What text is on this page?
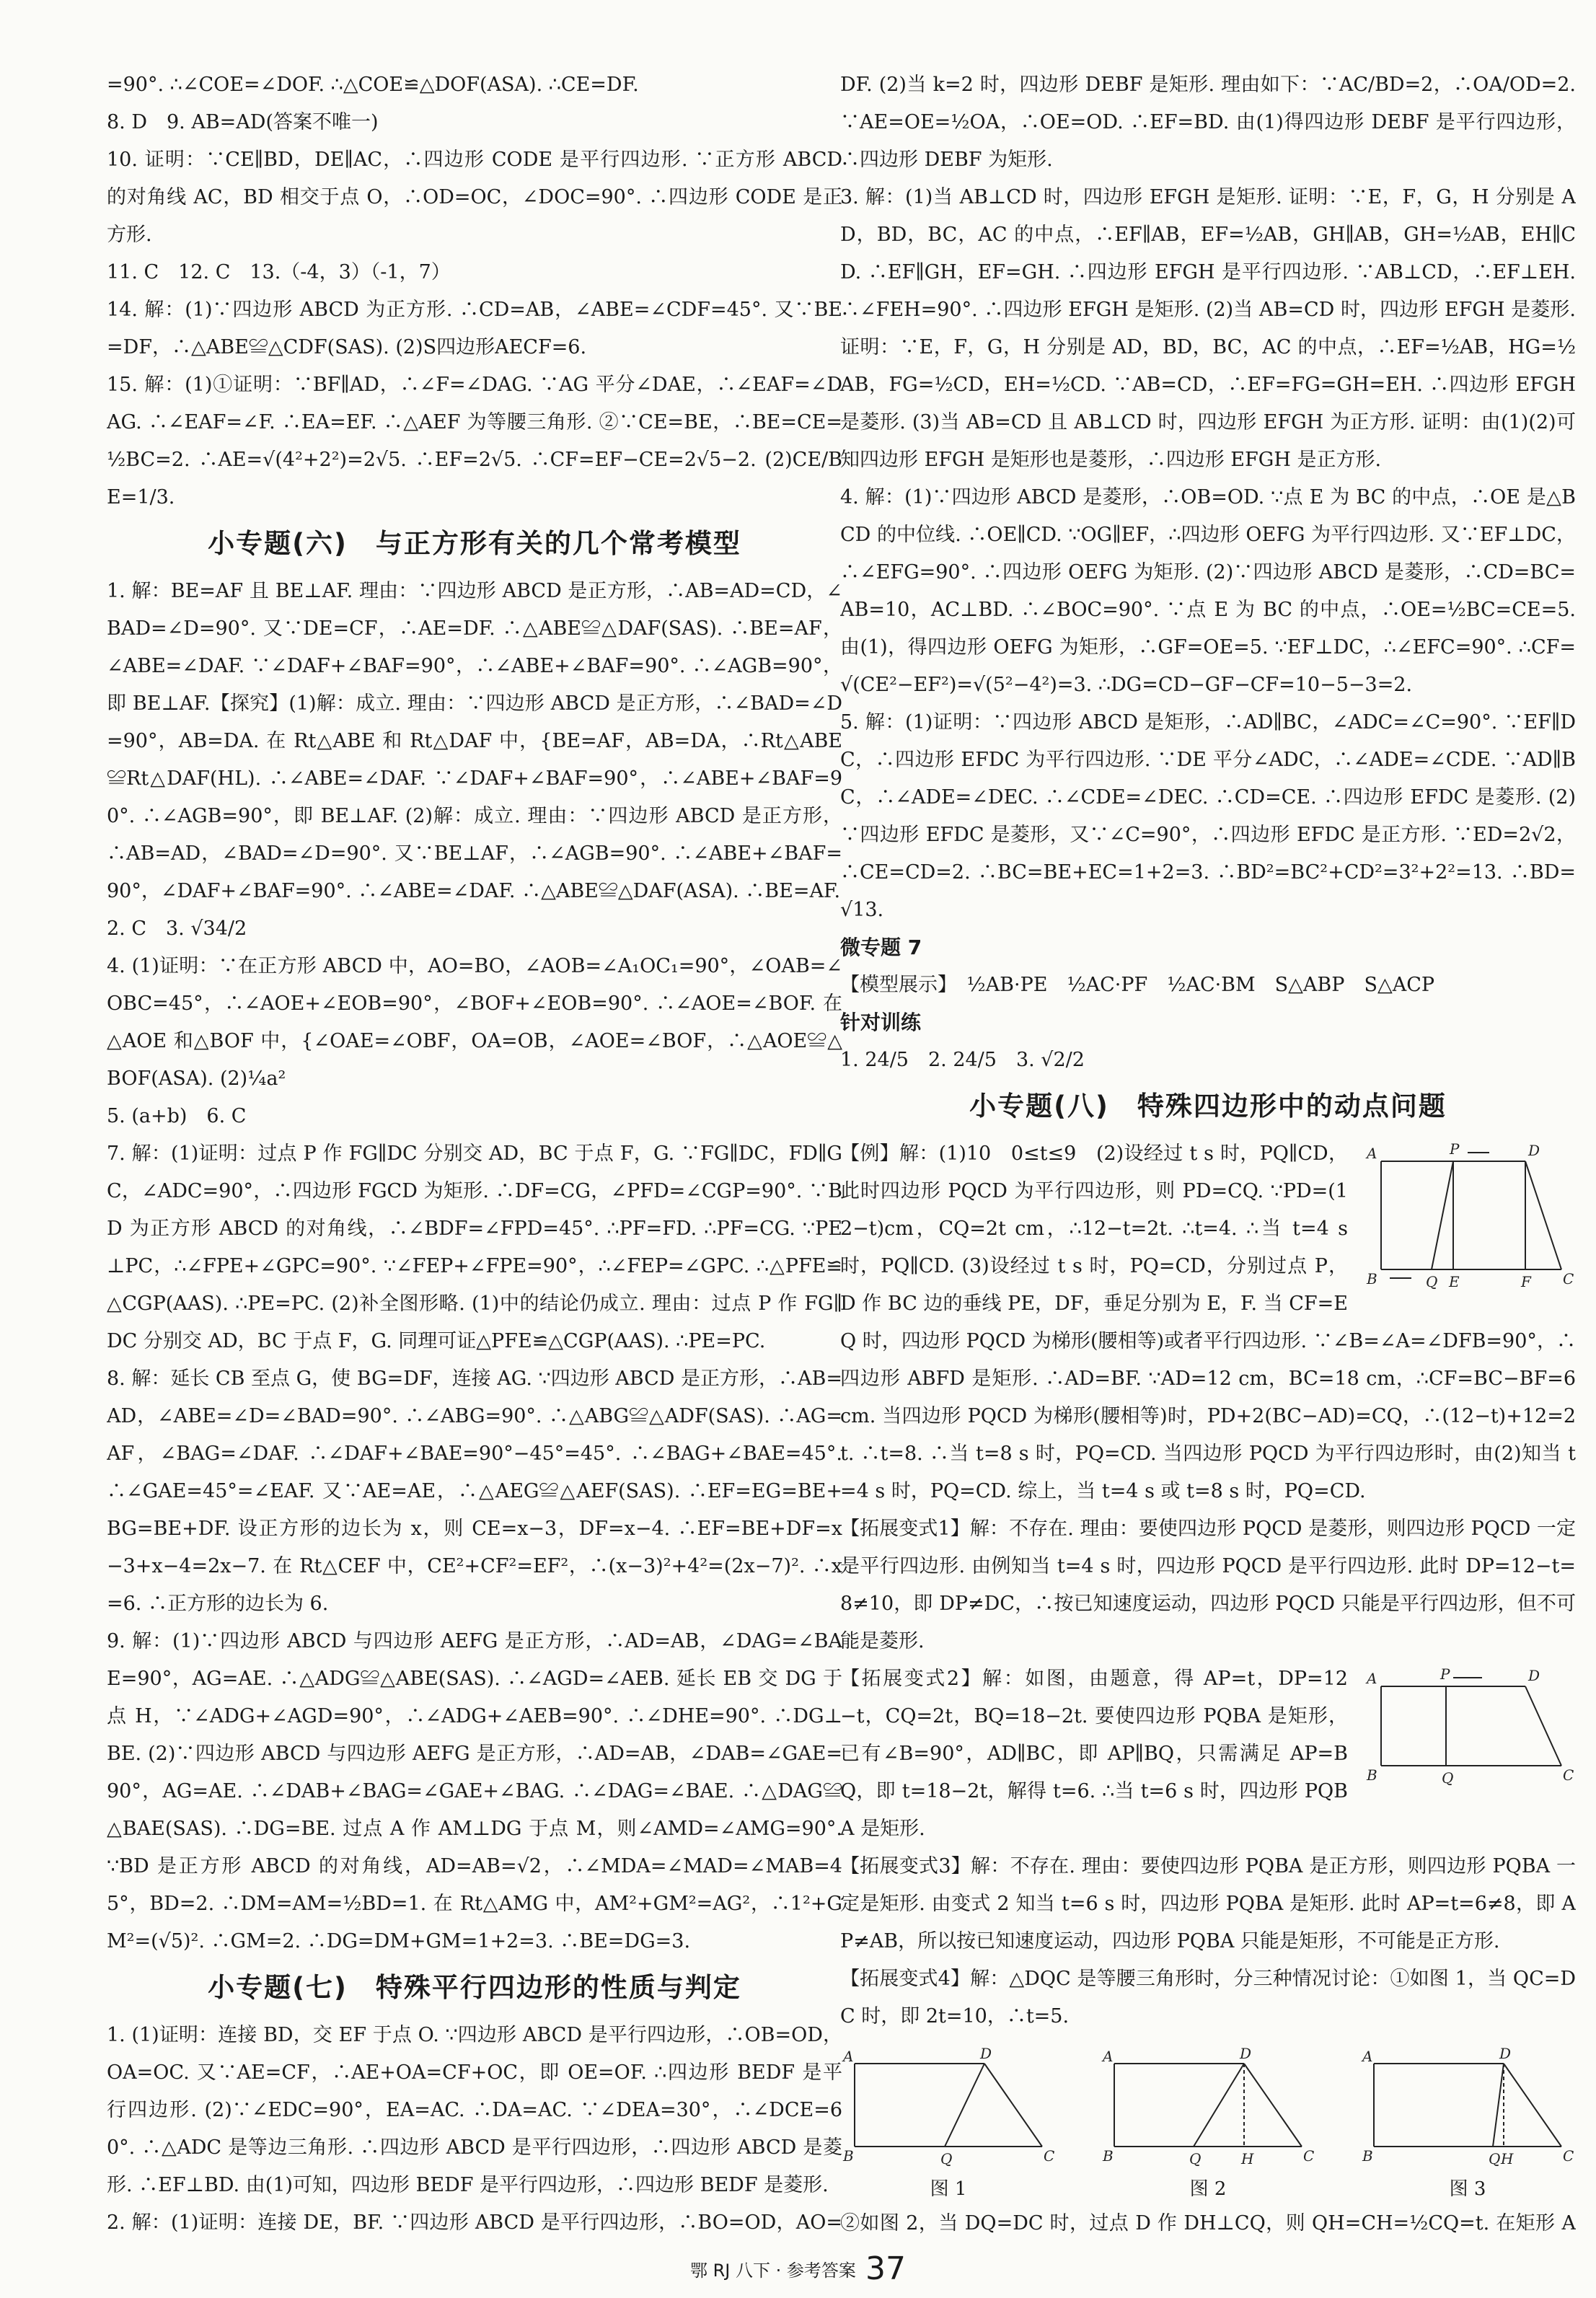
=90°. ∴∠COE=∠DOF. ∴△COE≌△DOF(ASA). ∴CE=DF.
8. D　9. AB=AD(答案不唯一)
10. 证明：∵CE∥BD，DE∥AC，∴四边形 CODE 是平行四边形. ∵正方形 ABCD 的对角线 AC，BD 相交于点 O，∴OD=OC，∠DOC=90°. ∴四边形 CODE 是正方形.
11. C　12. C　13.（-4，3）（-1，7）
14. 解：(1)∵四边形 ABCD 为正方形. ∴CD=AB，∠ABE=∠CDF=45°. 又∵BE=DF，∴△ABE≌△CDF(SAS). (2)S四边形AECF=6.
15. 解：(1)①证明：∵BF∥AD，∴∠F=∠DAG. ∵AG 平分∠DAE，∴∠EAF=∠DAG. ∴∠EAF=∠F. ∴EA=EF. ∴△AEF 为等腰三角形. ②∵CE=BE，∴BE=CE=½BC=2. ∴AE=√(4²+2²)=2√5. ∴EF=2√5. ∴CF=EF−CE=2√5−2. (2)CE/BE=1/3.
小专题(六)　与正方形有关的几个常考模型
1. 解：BE=AF 且 BE⊥AF. 理由：∵四边形 ABCD 是正方形，∴AB=AD=CD，∠BAD=∠D=90°. 又∵DE=CF，∴AE=DF. ∴△ABE≌△DAF(SAS). ∴BE=AF，∠ABE=∠DAF. ∵∠DAF+∠BAF=90°，∴∠ABE+∠BAF=90°. ∴∠AGB=90°，即 BE⊥AF.【探究】(1)解：成立. 理由：∵四边形 ABCD 是正方形，∴∠BAD=∠D=90°，AB=DA. 在 Rt△ABE 和 Rt△DAF 中，{BE=AF，AB=DA，∴Rt△ABE≌Rt△DAF(HL). ∴∠ABE=∠DAF. ∵∠DAF+∠BAF=90°，∴∠ABE+∠BAF=90°. ∴∠AGB=90°，即 BE⊥AF. (2)解：成立. 理由：∵四边形 ABCD 是正方形，∴AB=AD，∠BAD=∠D=90°. 又∵BE⊥AF，∴∠AGB=90°. ∴∠ABE+∠BAF=90°，∠DAF+∠BAF=90°. ∴∠ABE=∠DAF. ∴△ABE≌△DAF(ASA). ∴BE=AF.
2. C　3. √34/2
4. (1)证明：∵在正方形 ABCD 中，AO=BO，∠AOB=∠A₁OC₁=90°，∠OAB=∠OBC=45°，∴∠AOE+∠EOB=90°，∠BOF+∠EOB=90°. ∴∠AOE=∠BOF. 在△AOE 和△BOF 中，{∠OAE=∠OBF，OA=OB，∠AOE=∠BOF，∴△AOE≌△BOF(ASA). (2)¼a²
5. (a+b)　6. C
7. 解：(1)证明：过点 P 作 FG∥DC 分别交 AD，BC 于点 F，G. ∵FG∥DC，FD∥GC，∠ADC=90°，∴四边形 FGCD 为矩形. ∴DF=CG，∠PFD=∠CGP=90°. ∵BD 为正方形 ABCD 的对角线，∴∠BDF=∠FPD=45°. ∴PF=FD. ∴PF=CG. ∵PE⊥PC，∴∠FPE+∠GPC=90°. ∵∠FEP+∠FPE=90°，∴∠FEP=∠GPC. ∴△PFE≌△CGP(AAS). ∴PE=PC. (2)补全图形略. (1)中的结论仍成立. 理由：过点 P 作 FG∥DC 分别交 AD，BC 于点 F，G. 同理可证△PFE≌△CGP(AAS). ∴PE=PC.
8. 解：延长 CB 至点 G，使 BG=DF，连接 AG. ∵四边形 ABCD 是正方形，∴AB=AD，∠ABE=∠D=∠BAD=90°. ∴∠ABG=90°. ∴△ABG≌△ADF(SAS). ∴AG=AF，∠BAG=∠DAF. ∴∠DAF+∠BAE=90°−45°=45°. ∴∠BAG+∠BAE=45°. ∴∠GAE=45°=∠EAF. 又∵AE=AE，∴△AEG≌△AEF(SAS). ∴EF=EG=BE+BG=BE+DF. 设正方形的边长为 x，则 CE=x−3，DF=x−4. ∴EF=BE+DF=x−3+x−4=2x−7. 在 Rt△CEF 中，CE²+CF²=EF²，∴(x−3)²+4²=(2x−7)². ∴x=6. ∴正方形的边长为 6.
9. 解：(1)∵四边形 ABCD 与四边形 AEFG 是正方形，∴AD=AB，∠DAG=∠BAE=90°，AG=AE. ∴△ADG≌△ABE(SAS). ∴∠AGD=∠AEB. 延长 EB 交 DG 于点 H，∵∠ADG+∠AGD=90°，∴∠ADG+∠AEB=90°. ∴∠DHE=90°. ∴DG⊥BE. (2)∵四边形 ABCD 与四边形 AEFG 是正方形，∴AD=AB，∠DAB=∠GAE=90°，AG=AE. ∴∠DAB+∠BAG=∠GAE+∠BAG. ∴∠DAG=∠BAE. ∴△DAG≌△BAE(SAS). ∴DG=BE. 过点 A 作 AM⊥DG 于点 M，则∠AMD=∠AMG=90°. ∵BD 是正方形 ABCD 的对角线，AD=AB=√2，∴∠MDA=∠MAD=∠MAB=45°，BD=2. ∴DM=AM=½BD=1. 在 Rt△AMG 中，AM²+GM²=AG²，∴1²+GM²=(√5)². ∴GM=2. ∴DG=DM+GM=1+2=3. ∴BE=DG=3.
小专题(七)　特殊平行四边形的性质与判定
1. (1)证明：连接 BD，交 EF 于点 O. ∵四边形 ABCD 是平行四边形，∴OB=OD，OA=OC. 又∵AE=CF，∴AE+OA=CF+OC，即 OE=OF. ∴四边形 BEDF 是平行四边形. (2)∵∠EDC=90°，EA=AC. ∴DA=AC. ∵∠DEA=30°，∴∠DCE=60°. ∴△ADC 是等边三角形. ∴四边形 ABCD 是平行四边形，∴四边形 ABCD 是菱形. ∴EF⊥BD. 由(1)可知，四边形 BEDF 是平行四边形，∴四边形 BEDF 是菱形.
2. 解：(1)证明：连接 DE，BF. ∵四边形 ABCD 是平行四边形，∴BO=OD，AO=
DF. (2)当 k=2 时，四边形 DEBF 是矩形. 理由如下：∵AC/BD=2，∴OA/OD=2. ∵AE=OE=½OA，∴OE=OD. ∴EF=BD. 由(1)得四边形 DEBF 是平行四边形，∴四边形 DEBF 为矩形.
3. 解：(1)当 AB⊥CD 时，四边形 EFGH 是矩形. 证明：∵E，F，G，H 分别是 AD，BD，BC，AC 的中点，∴EF∥AB，EF=½AB，GH∥AB，GH=½AB，EH∥CD. ∴EF∥GH，EF=GH. ∴四边形 EFGH 是平行四边形. ∵AB⊥CD，∴EF⊥EH. ∴∠FEH=90°. ∴四边形 EFGH 是矩形. (2)当 AB=CD 时，四边形 EFGH 是菱形. 证明：∵E，F，G，H 分别是 AD，BD，BC，AC 的中点，∴EF=½AB，HG=½AB，FG=½CD，EH=½CD. ∵AB=CD，∴EF=FG=GH=EH. ∴四边形 EFGH 是菱形. (3)当 AB=CD 且 AB⊥CD 时，四边形 EFGH 为正方形. 证明：由(1)(2)可知四边形 EFGH 是矩形也是菱形，∴四边形 EFGH 是正方形.
4. 解：(1)∵四边形 ABCD 是菱形，∴OB=OD. ∵点 E 为 BC 的中点，∴OE 是△BCD 的中位线. ∴OE∥CD. ∵OG∥EF，∴四边形 OEFG 为平行四边形. 又∵EF⊥DC，∴∠EFG=90°. ∴四边形 OEFG 为矩形. (2)∵四边形 ABCD 是菱形，∴CD=BC=AB=10，AC⊥BD. ∴∠BOC=90°. ∵点 E 为 BC 的中点，∴OE=½BC=CE=5. 由(1)，得四边形 OEFG 为矩形，∴GF=OE=5. ∵EF⊥DC，∴∠EFC=90°. ∴CF=√(CE²−EF²)=√(5²−4²)=3. ∴DG=CD−GF−CF=10−5−3=2.
5. 解：(1)证明：∵四边形 ABCD 是矩形，∴AD∥BC，∠ADC=∠C=90°. ∵EF∥DC，∴四边形 EFDC 为平行四边形. ∵DE 平分∠ADC，∴∠ADE=∠CDE. ∵AD∥BC，∴∠ADE=∠DEC. ∴∠CDE=∠DEC. ∴CD=CE. ∴四边形 EFDC 是菱形. (2)∵四边形 EFDC 是菱形，又∵∠C=90°，∴四边形 EFDC 是正方形. ∵ED=2√2，∴CE=CD=2. ∴BC=BE+EC=1+2=3. ∴BD²=BC²+CD²=3²+2²=13. ∴BD=√13.
微专题 7
【模型展示】　½AB·PE　½AC·PF　½AC·BM　S△ABP　S△ACP
针对训练
1. 24/5　2. 24/5　3. √2/2
小专题(八)　特殊四边形中的动点问题
A	P	D
B	Q E	F C
【例】解：(1)10　0≤t≤9　(2)设经过 t s 时，PQ∥CD，此时四边形 PQCD 为平行四边形，则 PD=CQ. ∵PD=(12−t)cm，CQ=2t cm，∴12−t=2t. ∴t=4. ∴当 t=4 s 时，PQ∥CD. (3)设经过 t s 时，PQ=CD，分别过点 P，D 作 BC 边的垂线 PE，DF，垂足分别为 E，F. 当 CF=EQ 时，四边形 PQCD 为梯形(腰相等)或者平行四边形. ∵∠B=∠A=∠DFB=90°，∴四边形 ABFD 是矩形. ∴AD=BF. ∵AD=12 cm，BC=18 cm，∴CF=BC−BF=6 cm. 当四边形 PQCD 为梯形(腰相等)时，PD+2(BC−AD)=CQ，∴(12−t)+12=2t. ∴t=8. ∴当 t=8 s 时，PQ=CD. 当四边形 PQCD 为平行四边形时，由(2)知当 t=4 s 时，PQ=CD. 综上，当 t=4 s 或 t=8 s 时，PQ=CD.
【拓展变式1】解：不存在. 理由：要使四边形 PQCD 是菱形，则四边形 PQCD 一定是平行四边形. 由例知当 t=4 s 时，四边形 PQCD 是平行四边形. 此时 DP=12−t=8≠10，即 DP≠DC，∴按已知速度运动，四边形 PQCD 只能是平行四边形，但不可能是菱形.
A	P	D
B	Q	C
【拓展变式2】解：如图，由题意，得 AP=t，DP=12−t，CQ=2t，BQ=18−2t. 要使四边形 PQBA 是矩形，已有∠B=90°，AD∥BC，即 AP∥BQ，只需满足 AP=BQ，即 t=18−2t，解得 t=6. ∴当 t=6 s 时，四边形 PQBA 是矩形.
【拓展变式3】解：不存在. 理由：要使四边形 PQBA 是正方形，则四边形 PQBA 一定是矩形. 由变式 2 知当 t=6 s 时，四边形 PQBA 是矩形. 此时 AP=t=6≠8，即 AP≠AB，所以按已知速度运动，四边形 PQBA 只能是矩形，不可能是正方形.
【拓展变式4】解：△DQC 是等腰三角形时，分三种情况讨论：①如图 1，当 QC=DC 时，即 2t=10，∴t=5.
A	D
B	Q	C
图 1
A	D
B	Q	H	C
图 2
A	D
B	Q H	C
图 3
②如图 2，当 DQ=DC 时，过点 D 作 DH⊥CQ，则 QH=CH=½CQ=t. 在矩形 A
鄂 RJ 八下 · 参考答案 37
